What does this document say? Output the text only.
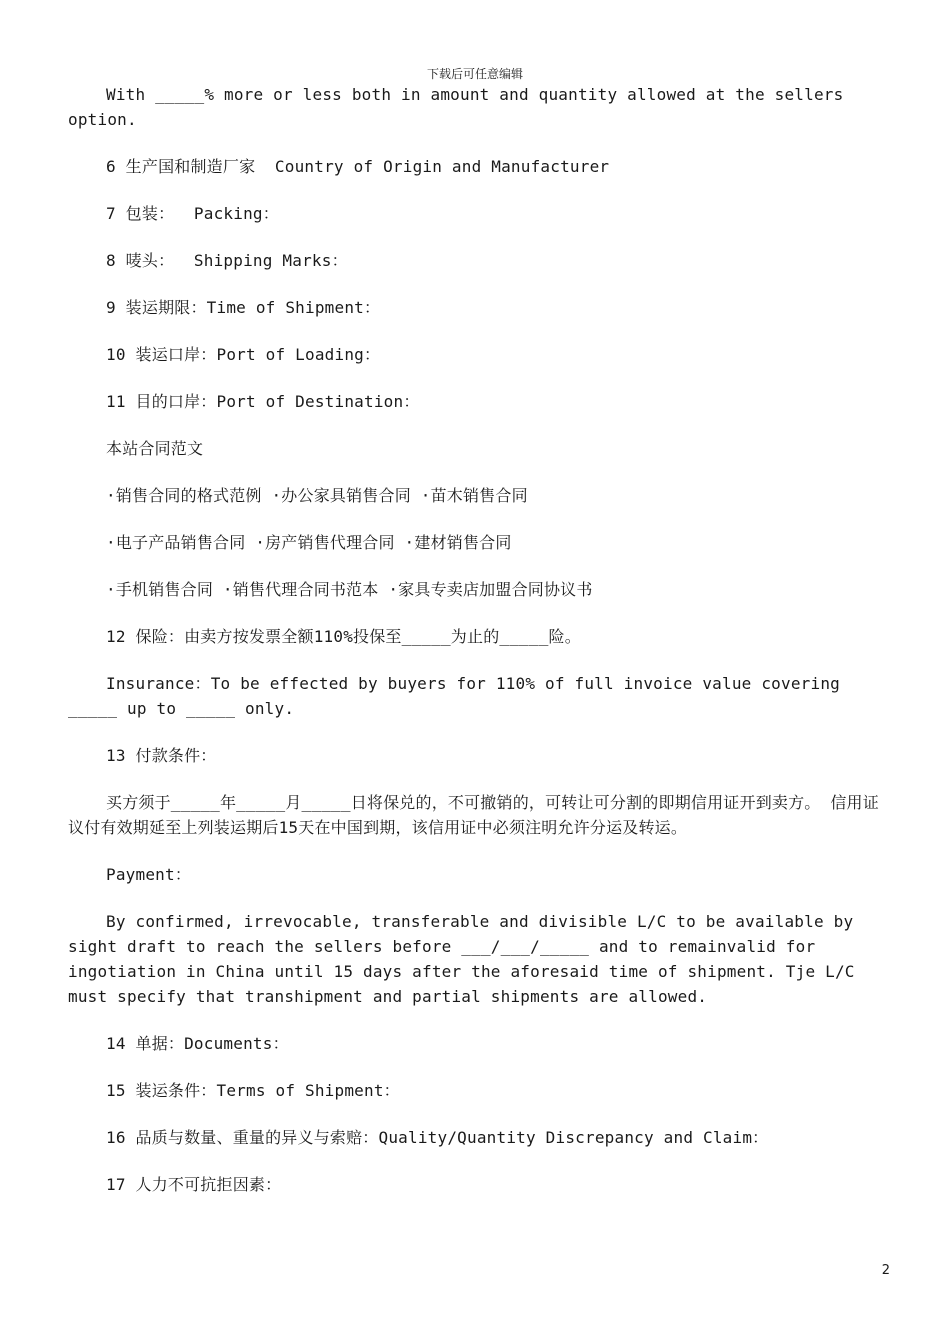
下载后可任意编辑

With _____% more or less both in amount and quantity allowed at the sellers option.

6 生产国和制造厂家  Country of Origin and Manufacturer

7 包装：  Packing：

8 唛头：  Shipping Marks：

9 装运期限：Time of Shipment：

10 装运口岸：Port of Loading：

11 目的口岸：Port of Destination：

本站合同范文

·销售合同的格式范例 ·办公家具销售合同 ·苗木销售合同

·电子产品销售合同 ·房产销售代理合同 ·建材销售合同

·手机销售合同 ·销售代理合同书范本 ·家具专卖店加盟合同协议书

12 保险：由卖方按发票全额110%投保至_____为止的_____险。

Insurance：To be effected by buyers for 110% of full invoice value covering _____ up to _____ only.

13 付款条件：

买方须于_____年_____月_____日将保兑的，不可撤销的，可转让可分割的即期信用证开到卖方。 信用证议付有效期延至上列装运期后15天在中国到期，该信用证中必须注明允许分运及转运。

Payment：

By confirmed, irrevocable, transferable and divisible L/C to be available by sight draft to reach the sellers before ___/___/_____ and to remainvalid for ingotiation in China until 15 days after the aforesaid time of shipment. Tje L/C must specify that transhipment and partial shipments are allowed.

14 单据：Documents：

15 装运条件：Terms of Shipment：

16 品质与数量、重量的异义与索赔：Quality/Quantity Discrepancy and Claim：

17 人力不可抗拒因素：

2
